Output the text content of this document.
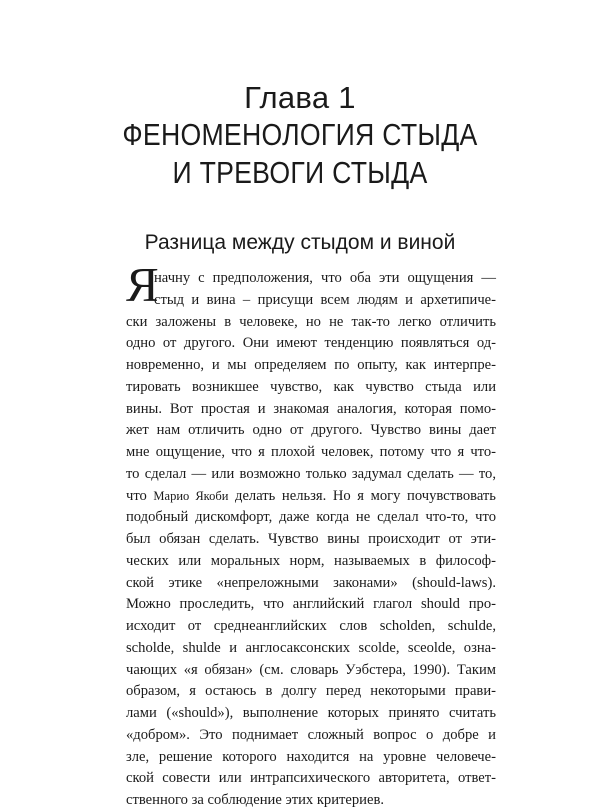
Глава 1
ФЕНОМЕНОЛОГИЯ СТЫДА
И ТРЕВОГИ СТЫДА
Разница между стыдом и виной
Я
начну с предположения, что оба эти ощущения —
стыд и вина – присущи всем людям и архетипиче-
ски заложены в человеке, но не так-то легко отличить
одно от другого. Они имеют тенденцию появляться од-
новременно, и мы определяем по опыту, как интерпре-
тировать возникшее чувство, как чувство стыда или
вины. Вот простая и знакомая аналогия, которая помо-
жет нам отличить одно от другого. Чувство вины дает
мне ощущение, что я плохой человек, потому что я что-
то сделал — или возможно только задумал сделать — то,
что Марио Якоби делать нельзя. Но я могу почувствовать
подобный дискомфорт, даже когда не сделал что-то, что
был обязан сделать. Чувство вины происходит от эти-
ческих или моральных норм, называемых в философ-
ской этике «непреложными законами» (should-laws).
Можно проследить, что английский глагол should про-
исходит от среднеанглийских слов scholden, schulde,
scholde, shulde и англосаксонских scolde, sceolde, озна-
чающих «я обязан» (см. словарь Уэбстера, 1990). Таким
образом, я остаюсь в долгу перед некоторыми прави-
лами («should»), выполнение которых принято считать
«добром». Это поднимает сложный вопрос о добре и
зле, решение которого находится на уровне человече-
ской совести или интрапсихического авторитета, ответ-
ственного за соблюдение этих критериев.
